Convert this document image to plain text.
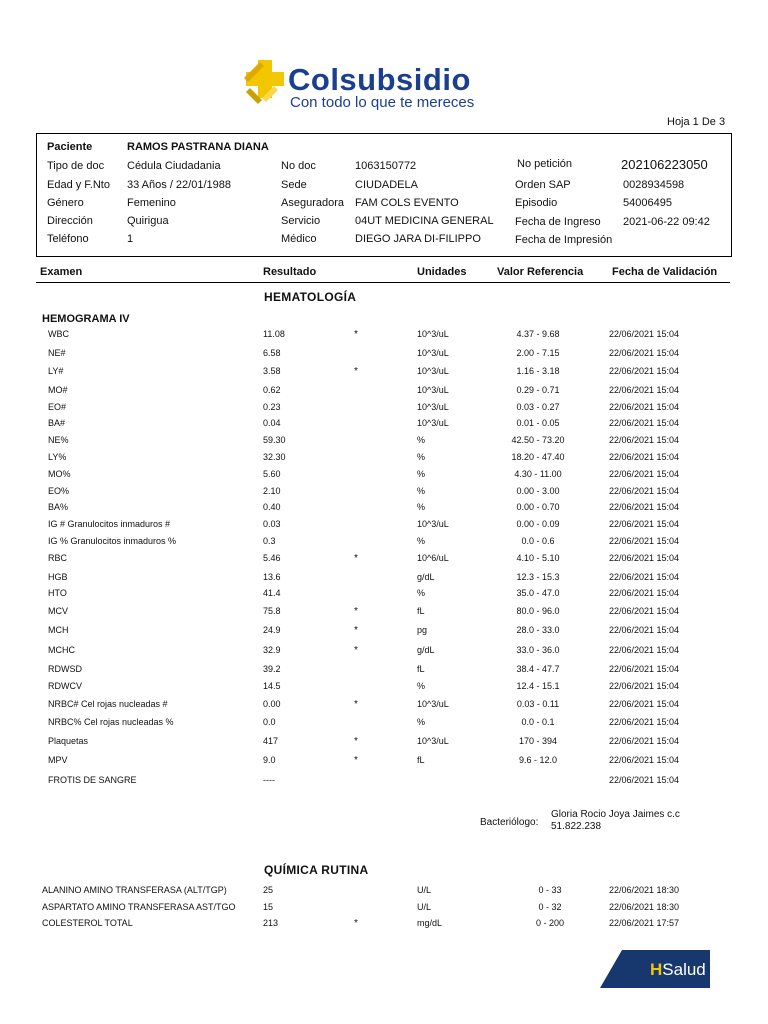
Colsubsidio
Con todo lo que te mereces
Hoja 1 De 3
Paciente	RAMOS PASTRANA DIANA
Tipo de doc Cédula Ciudadania
Edad y F.Nto 33 Años / 22/01/1988
Género	Femenino
Dirección	Quirigua
Teléfono	1
No doc	1063150772
Sede	CIUDADELA
Aseguradora FAM COLS EVENTO
Servicio	04UT MEDICINA GENERAL
Médico	DIEGO JARA DI-FILIPPO
No petición	202106223050
Orden SAP	0028934598
Episodio	54006495
Fecha de Ingreso 2021-06-22 09:42
Fecha de Impresión
Examen	Resultado	Unidades	Valor Referencia	Fecha de Validación
HEMATOLOGÍA
HEMOGRAMA IV
WBC	11.08	*	10^3/uL	4.37 - 9.68	22/06/2021 15:04
NE#	6.58	10^3/uL	2.00 - 7.15	22/06/2021 15:04
LY#	3.58	*	10^3/uL	1.16 - 3.18	22/06/2021 15:04
MO#	0.62	10^3/uL	0.29 - 0.71	22/06/2021 15:04
EO#	0.23	10^3/uL	0.03 - 0.27	22/06/2021 15:04
BA#	0.04	10^3/uL	0.01 - 0.05	22/06/2021 15:04
NE%	59.30	%	42.50 - 73.20	22/06/2021 15:04
LY%	32.30	%	18.20 - 47.40	22/06/2021 15:04
MO%	5.60	%	4.30 - 11.00	22/06/2021 15:04
EO%	2.10	%	0.00 - 3.00	22/06/2021 15:04
BA%	0.40	%	0.00 - 0.70	22/06/2021 15:04
IG # Granulocitos inmaduros #	0.03	10^3/uL	0.00 - 0.09	22/06/2021 15:04
IG % Granulocitos inmaduros %	0.3	%	0.0 - 0.6	22/06/2021 15:04
RBC	5.46	*	10^6/uL	4.10 - 5.10	22/06/2021 15:04
HGB	13.6	g/dL	12.3 - 15.3	22/06/2021 15:04
HTO	41.4	%	35.0 - 47.0	22/06/2021 15:04
MCV	75.8	*	fL	80.0 - 96.0	22/06/2021 15:04
MCH	24.9	*	pg	28.0 - 33.0	22/06/2021 15:04
MCHC	32.9	*	g/dL	33.0 - 36.0	22/06/2021 15:04
RDWSD	39.2	fL	38.4 - 47.7	22/06/2021 15:04
RDWCV	14.5	%	12.4 - 15.1	22/06/2021 15:04
NRBC# Cel rojas nucleadas #	0.00	*	10^3/uL	0.03 - 0.11	22/06/2021 15:04
NRBC% Cel rojas nucleadas %	0.0	%	0.0 - 0.1	22/06/2021 15:04
Plaquetas	417	*	10^3/uL	170 - 394	22/06/2021 15:04
MPV	9.0	*	fL	9.6 - 12.0	22/06/2021 15:04
FROTIS DE SANGRE	----	22/06/2021 15:04
Bacteriólogo:
Gloria Rocio Joya Jaimes c.c
51.822.238
QUÍMICA RUTINA
ALANINO AMINO TRANSFERASA (ALT/TGP)	25	U/L	0 - 33	22/06/2021 18:30
ASPARTATO AMINO TRANSFERASA AST/TGO	15	U/L	0 - 32	22/06/2021 18:30
COLESTEROL TOTAL	213	*	mg/dL	0 - 200	22/06/2021 17:57
HSalud
